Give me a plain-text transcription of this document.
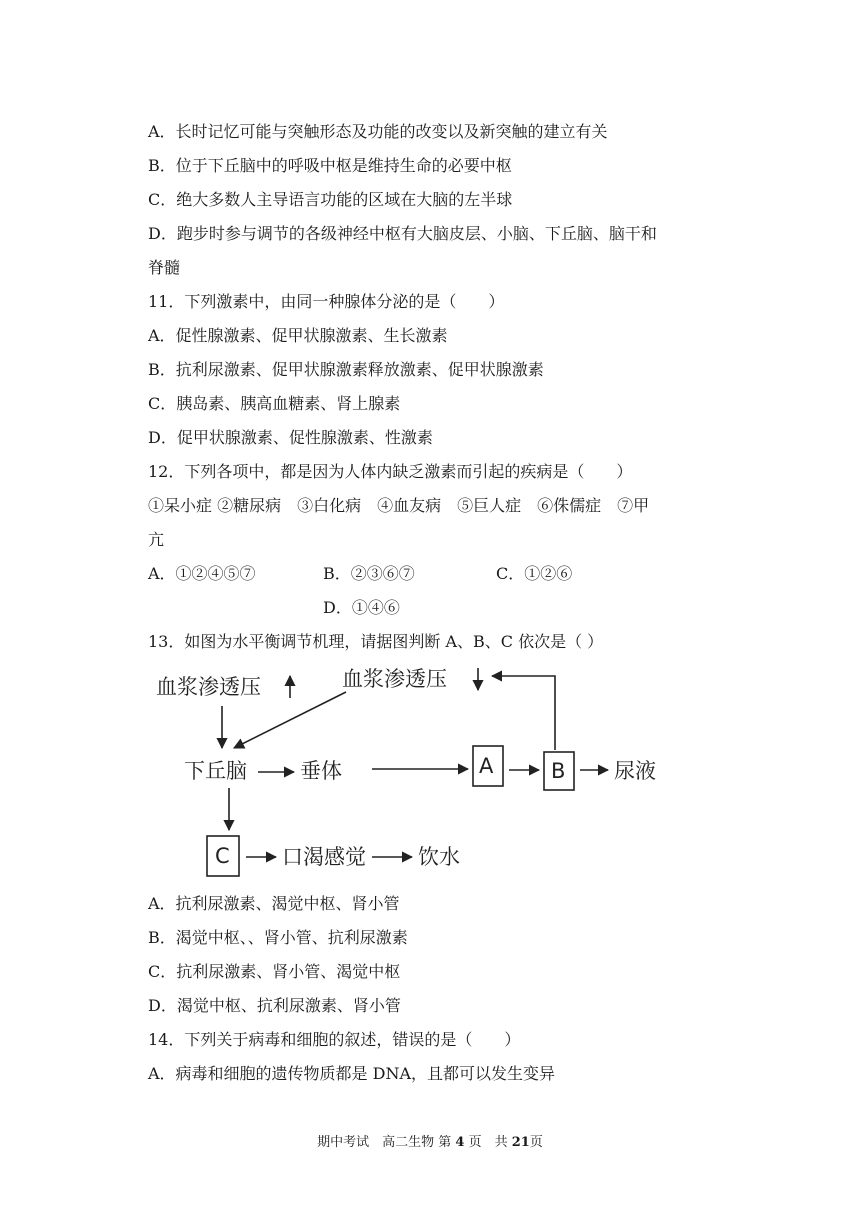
A．长时记忆可能与突触形态及功能的改变以及新突触的建立有关
B．位于下丘脑中的呼吸中枢是维持生命的必要中枢
C．绝大多数人主导语言功能的区域在大脑的左半球
D．跑步时参与调节的各级神经中枢有大脑皮层、小脑、下丘脑、脑干和
脊髓
11．下列激素中，由同一种腺体分泌的是（　　）
A．促性腺激素、促甲状腺激素、生长激素
B．抗利尿激素、促甲状腺激素释放激素、促甲状腺激素
C．胰岛素、胰高血糖素、肾上腺素
D．促甲状腺激素、促性腺激素、性激素
12．下列各项中，都是因为人体内缺乏激素而引起的疾病是（　　）
①呆小症 ②糖尿病　③白化病　④血友病　⑤巨人症　⑥侏儒症　⑦甲
亢
A．①②④⑤⑦	B．②③⑥⑦	C．①②⑥
D．①④⑥
13．如图为水平衡调节机理，请据图判断 A、B、C 依次是（ ）
血浆渗透压	血浆渗透压
下丘脑	垂体	A	B 尿液
C 口渴感觉 饮水
A．抗利尿激素、渴觉中枢、肾小管
B．渴觉中枢、、肾小管、抗利尿激素
C．抗利尿激素、肾小管、渴觉中枢
D．渴觉中枢、抗利尿激素、肾小管
14．下列关于病毒和细胞的叙述，错误的是（　　）
A．病毒和细胞的遗传物质都是 DNA，且都可以发生变异
期中考试　高二生物 第 4 页　共 21页
